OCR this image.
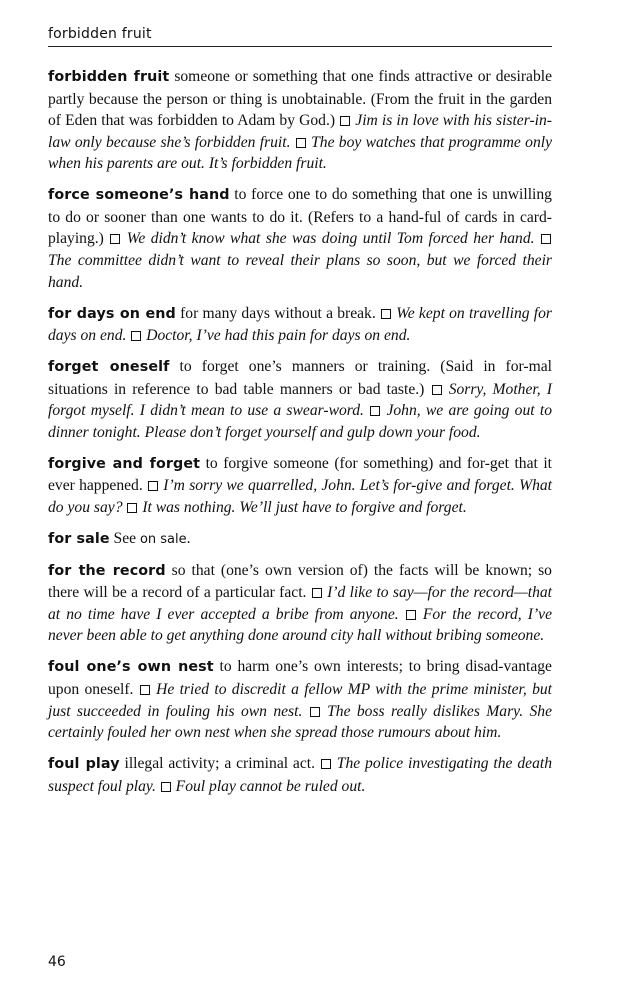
forbidden fruit

forbidden fruit someone or something that one finds attractive or desirable partly because the person or thing is unobtainable. (From the fruit in the garden of Eden that was forbidden to Adam by God.)  Jim is in love with his sister-in-law only because she’s forbidden fruit. The boy watches that programme only when his parents are out. It’s forbidden fruit.

force someone’s hand to force one to do something that one is unwilling to do or sooner than one wants to do it. (Refers to a hand-ful of cards in card-playing.)  We didn’t know what she was doing until Tom forced her hand.  The committee didn’t want to reveal their plans so soon, but we forced their hand.

for days on end for many days without a break.  We kept on travelling for days on end. Doctor, I’ve had this pain for days on end.

forget oneself to forget one’s manners or training. (Said in for-mal situations in reference to bad table manners or bad taste.)  Sorry, Mother, I forgot myself. I didn’t mean to use a swear-word. John, we are going out to dinner tonight. Please don’t forget yourself and gulp down your food.

forgive and forget to forgive someone (for something) and for-get that it ever happened.  I’m sorry we quarrelled, John. Let’s for-give and forget. What do you say? It was nothing. We’ll just have to forgive and forget.

for sale See on sale.

for the record so that (one’s own version of) the facts will be known; so there will be a record of a particular fact.  I’d like to say—for the record—that at no time have I ever accepted a bribe from anyone. For the record, I’ve never been able to get anything done around city hall without bribing someone.

foul one’s own nest to harm one’s own interests; to bring disad-vantage upon oneself.  He tried to discredit a fellow MP with the prime minister, but just succeeded in fouling his own nest. The boss really dislikes Mary. She certainly fouled her own nest when she spread those rumours about him.

foul play illegal activity; a criminal act.  The police investigating the death suspect foul play. Foul play cannot be ruled out.

46
